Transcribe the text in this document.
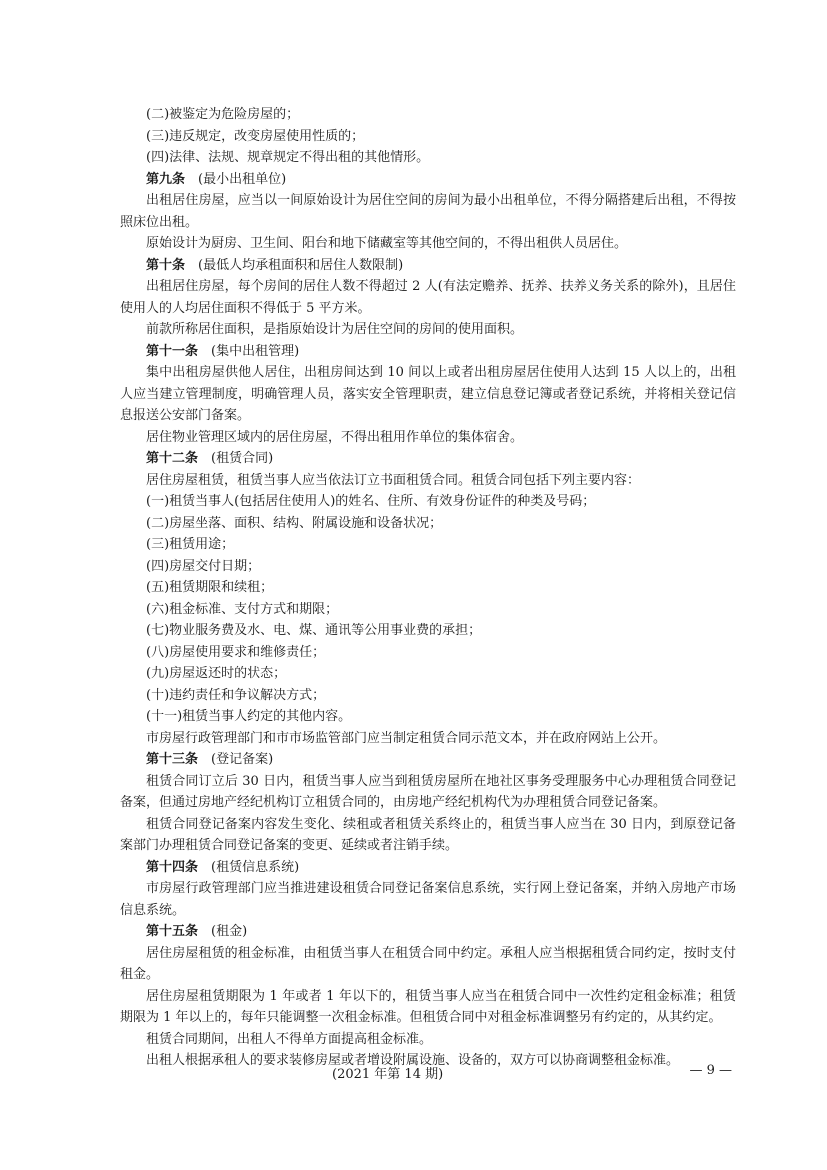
(二)被鉴定为危险房屋的；

(三)违反规定，改变房屋使用性质的；

(四)法律、法规、规章规定不得出租的其他情形。

第九条 (最小出租单位)

出租居住房屋，应当以一间原始设计为居住空间的房间为最小出租单位，不得分隔搭建后出租，不得按照床位出租。

原始设计为厨房、卫生间、阳台和地下储藏室等其他空间的，不得出租供人员居住。

第十条 (最低人均承租面积和居住人数限制)

出租居住房屋，每个房间的居住人数不得超过 2 人(有法定赡养、抚养、扶养义务关系的除外)，且居住使用人的人均居住面积不得低于 5 平方米。

前款所称居住面积，是指原始设计为居住空间的房间的使用面积。

第十一条 (集中出租管理)

集中出租房屋供他人居住，出租房间达到 10 间以上或者出租房屋居住使用人达到 15 人以上的，出租人应当建立管理制度，明确管理人员，落实安全管理职责，建立信息登记簿或者登记系统，并将相关登记信息报送公安部门备案。

居住物业管理区域内的居住房屋，不得出租用作单位的集体宿舍。

第十二条 (租赁合同)

居住房屋租赁，租赁当事人应当依法订立书面租赁合同。租赁合同包括下列主要内容：

(一)租赁当事人(包括居住使用人)的姓名、住所、有效身份证件的种类及号码；

(二)房屋坐落、面积、结构、附属设施和设备状况；

(三)租赁用途；

(四)房屋交付日期；

(五)租赁期限和续租；

(六)租金标准、支付方式和期限；

(七)物业服务费及水、电、煤、通讯等公用事业费的承担；

(八)房屋使用要求和维修责任；

(九)房屋返还时的状态；

(十)违约责任和争议解决方式；

(十一)租赁当事人约定的其他内容。

市房屋行政管理部门和市市场监管部门应当制定租赁合同示范文本，并在政府网站上公开。

第十三条 (登记备案)

租赁合同订立后 30 日内，租赁当事人应当到租赁房屋所在地社区事务受理服务中心办理租赁合同登记备案，但通过房地产经纪机构订立租赁合同的，由房地产经纪机构代为办理租赁合同登记备案。

租赁合同登记备案内容发生变化、续租或者租赁关系终止的，租赁当事人应当在 30 日内，到原登记备案部门办理租赁合同登记备案的变更、延续或者注销手续。

第十四条 (租赁信息系统)

市房屋行政管理部门应当推进建设租赁合同登记备案信息系统，实行网上登记备案，并纳入房地产市场信息系统。

第十五条 (租金)

居住房屋租赁的租金标准，由租赁当事人在租赁合同中约定。承租人应当根据租赁合同约定，按时支付租金。

居住房屋租赁期限为 1 年或者 1 年以下的，租赁当事人应当在租赁合同中一次性约定租金标准；租赁期限为 1 年以上的，每年只能调整一次租金标准。但租赁合同中对租金标准调整另有约定的，从其约定。

租赁合同期间，出租人不得单方面提高租金标准。

出租人根据承租人的要求装修房屋或者增设附属设施、设备的，双方可以协商调整租金标准。

(2021 年第 14 期)	— 9 —
